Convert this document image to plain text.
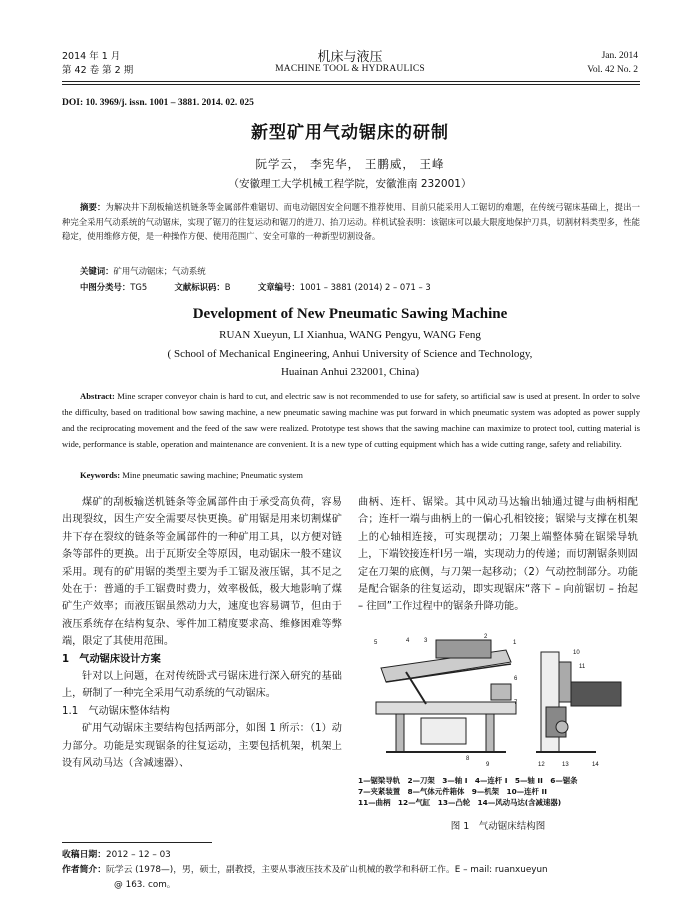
2014 年 1 月
第 42 卷 第 2 期
机床与液压
MACHINE TOOL & HYDRAULICS
Jan. 2014
Vol. 42 No. 2
DOI: 10. 3969/j. issn. 1001 – 3881. 2014. 02. 025
新型矿用气动锯床的研制
阮学云， 李宪华， 王鹏威， 王峰
（安徽理工大学机械工程学院，安徽淮南 232001）
摘要：为解决井下刮板输送机链条等金属部件难锯切、而电动锯因安全问题不推荐使用、目前只能采用人工锯切的难题，在传统弓锯床基础上，提出一种完全采用气动系统的气动锯床，实现了锯刀的往复运动和锯刀的进刀、抬刀运动。样机试验表明：该锯床可以最大限度地保护刀具，切割材料类型多，性能稳定，使用维修方便，是一种操作方便、使用范围广、安全可靠的一种新型切割设备。
关键词：矿用气动锯床；气动系统
中图分类号：TG5	文献标识码：B	文章编号：1001 – 3881 (2014) 2 – 071 – 3
Development of New Pneumatic Sawing Machine
RUAN Xueyun, LI Xianhua, WANG Pengyu, WANG Feng
( School of Mechanical Engineering, Anhui University of Science and Technology,
Huainan Anhui 232001, China)
Abstract: Mine scraper conveyor chain is hard to cut, and electric saw is not recommended to use for safety, so artificial saw is used at present. In order to solve the difficulty, based on traditional bow sawing machine, a new pneumatic sawing machine was put forward in which pneumatic system was adopted as power supply and the reciprocating movement and the feed of the saw were realized. Prototype test shows that the sawing machine can maximize to protect tool, cutting material is wide, performance is stable, operation and maintenance are convenient. It is a new type of cutting equipment which has a wide cutting range, safety and reliability.
Keywords: Mine pneumatic sawing machine; Pneumatic system

煤矿的刮板输送机链条等金属部件由于承受高负荷，容易出现裂纹，因生产安全需要尽快更换。矿用锯是用来切割煤矿井下存在裂纹的链条等金属部件的一种矿用工具，以方便对链条等部件的更换。出于瓦斯安全等原因，电动锯床一般不建议采用。现有的矿用锯的类型主要为手工锯及液压锯，其不足之处在于：普通的手工锯费时费力，效率极低，极大地影响了煤矿生产效率；而液压锯虽然动力大，速度也容易调节，但由于液压系统存在结构复杂、零件加工精度要求高、维修困难等弊端，限定了其使用范围。

1　气动锯床设计方案

针对以上问题，在对传统卧式弓锯床进行深入研究的基础上，研制了一种完全采用气动系统的气动锯床。

1.1　气动锯床整体结构

矿用气动锯床主要结构包括两部分，如图 1 所示：（1）动力部分。功能是实现锯条的往复运动，主要包括机架，机架上设有风动马达（含减速器）、

曲柄、连杆、锯梁。其中风动马达输出轴通过键与曲柄相配合；连杆一端与曲柄上的一偏心孔相铰接；锯梁与支撑在机架上的心轴相连接，可实现摆动；刀架上端整体骑在锯梁导轨上，下端铰接连杆Ⅰ另一端，实现动力的传递；而切割锯条则固定在刀架的底侧，与刀架一起移动；（2）气动控制部分。功能是配合锯条的往复运动，即实现锯床“落下 – 向前锯切 – 抬起 – 往回”工作过程中的锯条升降功能。

5	4 3
2
1
6
7
8
9
10
11
12	13	14
1—锯梁导轨　2—刀架　3—轴 I　4—连杆 I　5—轴 II　6—锯条
7—夹紧装置　8—气体元件箱体　9—机架　10—连杆 II
11—曲柄　12—气缸　13—凸轮　14—风动马达(含减速器)
图 1　气动锯床结构图
收稿日期：2012 – 12 – 03
作者简介：阮学云 (1978—)，男，硕士，副教授，主要从事液压技术及矿山机械的教学和科研工作。E – mail: ruanxueyun
@ 163. com。
